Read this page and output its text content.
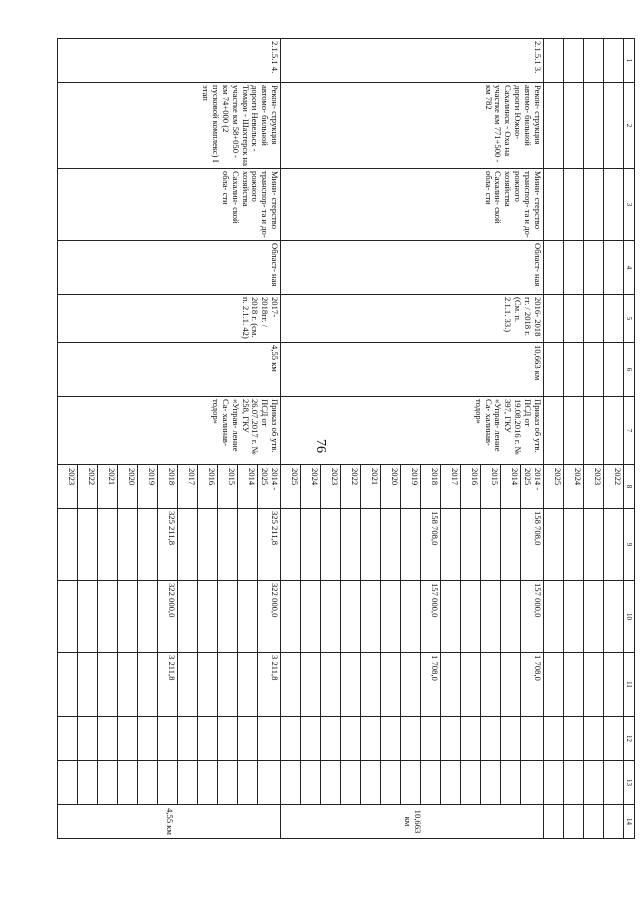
76
1	2	3	4	5	6	7	8	9	10	11	12	13	14
							2022						
							2023						
							2024						
							2025						
2.1.5.1 3.	Рекон- струкция автомо- бильной дороги Южно- Сахалинск - Оха на участке км 771+500 - км 782	Мини- стерство транспор- та и до- рожного хозяйства Сахалин- ской обла- сти	Област- ная	2016- 2018 гг. / 2018 г. (См. п. 2.1.1. 33.)	10,663 км	Приказ об утв. ПСД от 19.08.2016 г. № 397, ГКУ «Управ- ление Са- халинав- тодор»	2014 - 2025	158 708,0	157 000,0	1 708,0			10,663 км
							2014						
							2015						
							2016						
							2017						
							2018	158 708,0	157 000,0	1 708,0			
							2019						
							2020						
							2021						
							2022						
							2023						
							2024						
							2025						
2.1.5.1 4.	Рекон- струкция автомо- бильной дороги Невельск - Томари - Шахтерск на участке км 58+050 - км 74+000 (2 пусковой комплекс) I этап	Мини- стерство транспор- та и до- рожного хозяйства Сахалин- ской обла- сти	Област- ная	2017- 2018гг. / 2018 г. (см. п. 2.1.1. 42)	4,55 км	Приказ об утв. ПСД от 26.07.2017 г. № 258, ГКУ «Управ- ление Са- халинав- тодор»	2014 - 2025	325 211,8	322 000,0	3 211,8			4,55 км
							2014						
							2015						
							2016						
							2017						
							2018	325 211,8	322 000,0	3 211,8			
							2019						
							2020						
							2021						
							2022						
							2023						
